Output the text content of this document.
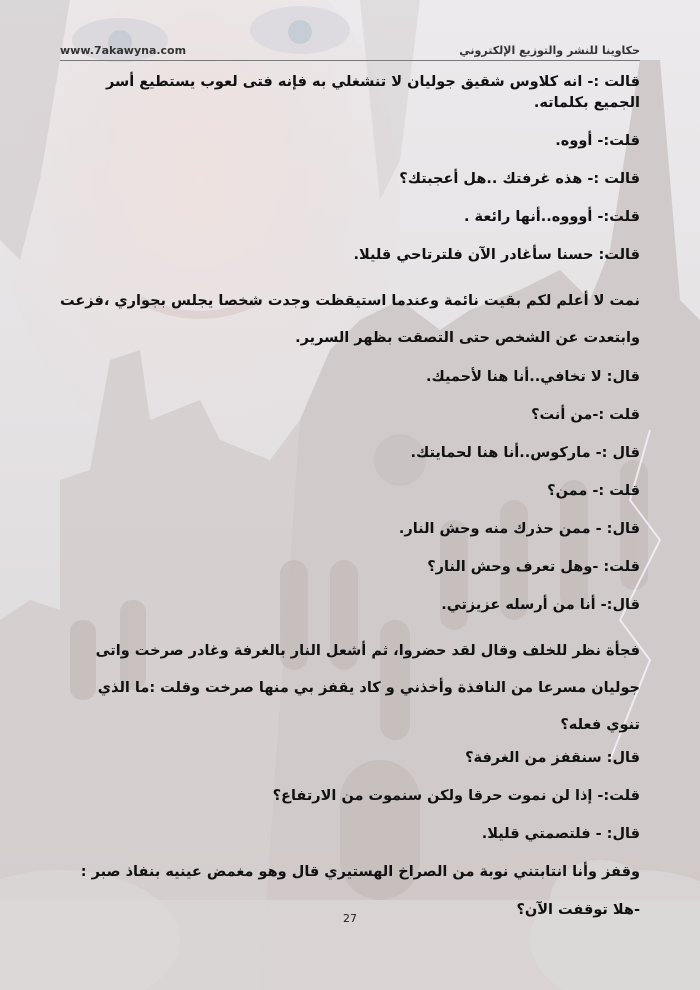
www.7akawyna.com	حكاوينا للنشر والتوزيع الإلكتروني

قالت :- انه كلاوس شقيق جوليان لا تنشغلي به فإنه فتى لعوب يستطيع أسر الجميع بكلماته.

قلت:- أووه.

قالت :- هذه غرفتك ..هل أعجبتك؟

قلت:- أوووه..أنها رائعة .

قالت: حسنا سأغادر الآن فلترتاحي قليلا.

نمت لا أعلم لكم بقيت نائمة وعندما استيقظت وجدت شخصا يجلس بجواري ،فزعت وابتعدت عن الشخص حتى التصقت بظهر السرير.

قال: لا تخافي..أنا هنا لأحميك.

قلت :-من أنت؟

قال :- ماركوس..أنا هنا لحمايتك.

قلت :- ممن؟

قال: - ممن حذرك منه وحش النار.

قلت: -وهل تعرف وحش النار؟

قال:- أنا من أرسله عزيزتي.

فجأة نظر للخلف وقال لقد حضروا، ثم أشعل النار بالغرفة وغادر صرخت واتى جوليان مسرعا من النافذة وأخذني و كاد يقفز بي منها صرخت وقلت :ما الذي تنوي فعله؟

قال: سنقفز من الغرفة؟

قلت:- إذا لن نموت حرقا ولكن سنموت من الارتفاع؟

قال: - فلتصمتي قليلا.

وقفز وأنا انتابتني نوبة من الصراخ الهستيري قال وهو مغمض عينيه بنفاذ صبر :

-هلا توقفت الآن؟

27
